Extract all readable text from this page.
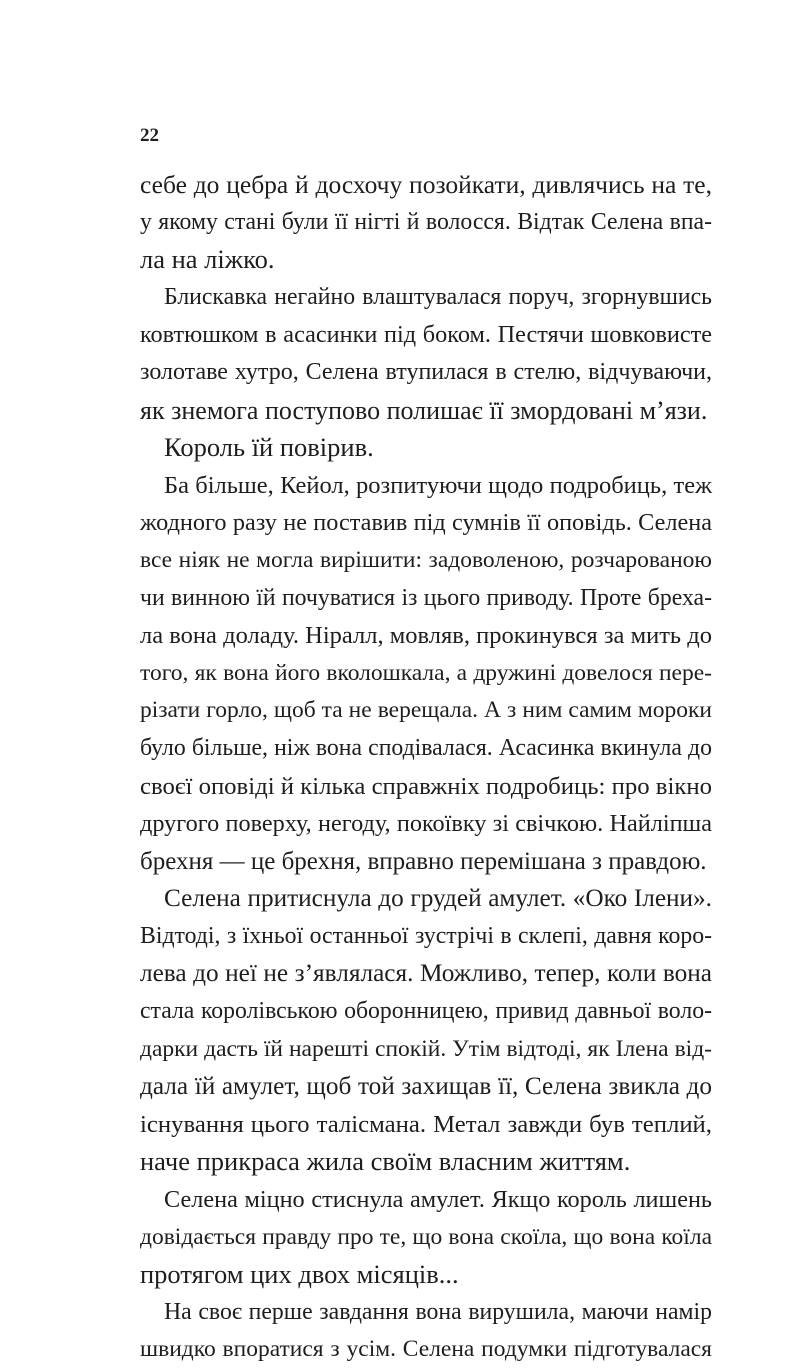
22
себе до цебра й досхочу позойкати, дивлячись на те,
у якому стані були її нігті й волосся. Відтак Селена впа-
ла на ліжко.
Блискавка негайно влаштувалася поруч, згорнувшись
ковтюшком в асасинки під боком. Пестячи шовковисте
золотаве хутро, Селена втупилася в стелю, відчуваючи,
як знемога поступово полишає її змордовані м’язи.
Король їй повірив.
Ба більше, Кейол, розпитуючи щодо подробиць, теж
жодного разу не поставив під сумнів її оповідь. Селена
все ніяк не могла вирішити: задоволеною, розчарованою
чи винною їй почуватися із цього приводу. Проте бреха-
ла вона доладу. Ніралл, мовляв, прокинувся за мить до
того, як вона його вколошкала, а дружині довелося пере-
різати горло, щоб та не верещала. А з ним самим мороки
було більше, ніж вона сподівалася. Асасинка вкинула до
своєї оповіді й кілька справжніх подробиць: про вікно
другого поверху, негоду, покоївку зі свічкою. Найліпша
брехня — це брехня, вправно перемішана з правдою.
Селена притиснула до грудей амулет. «Око Ілени».
Відтоді, з їхньої останньої зустрічі в склепі, давня коро-
лева до неї не з’являлася. Можливо, тепер, коли вона
стала королівською оборонницею, привид давньої воло-
дарки дасть їй нарешті спокій. Утім відтоді, як Ілена від-
дала їй амулет, щоб той захищав її, Селена звикла до
існування цього талісмана. Метал завжди був теплий,
наче прикраса жила своїм власним життям.
Селена міцно стиснула амулет. Якщо король лишень
довідається правду про те, що вона скоїла, що вона коїла
протягом цих двох місяців...
На своє перше завдання вона вирушила, маючи намір
швидко впоратися з усім. Селена подумки підготувалася
